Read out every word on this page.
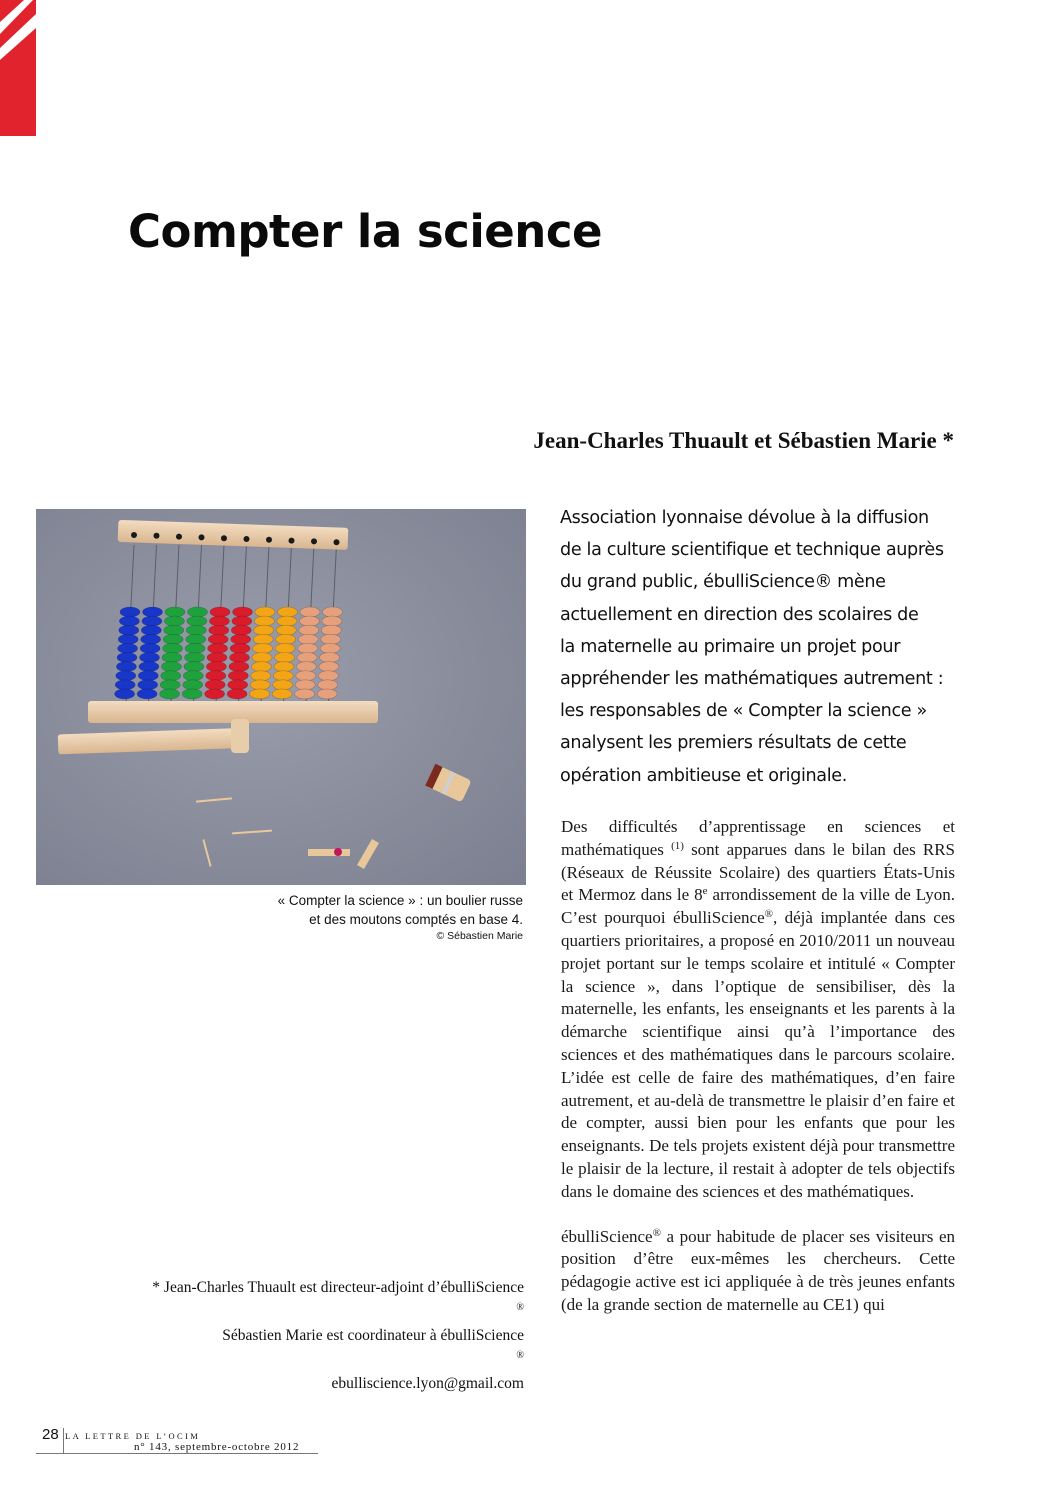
Compter la science
Jean-Charles Thuault et Sébastien Marie *
« Compter la science » : un boulier russe
et des moutons comptés en base 4.
© Sébastien Marie
Association lyonnaise dévolue à la diffusion
de la culture scientifique et technique auprès
du grand public, ébulliScience® mène
actuellement en direction des scolaires de
la maternelle au primaire un projet pour
appréhender les mathématiques autrement :
les responsables de « Compter la science »
analysent les premiers résultats de cette
opération ambitieuse et originale.

Des difficultés d’apprentissage en sciences et mathématiques $^{(1)}$ sont apparues dans le bilan des RRS (Réseaux de Réussite Scolaire) des quartiers États-Unis et Mermoz dans le 8e arrondissement de la ville de Lyon. C’est pourquoi ébulliScience®, déjà implantée dans ces quartiers prioritaires, a proposé en 2010/2011 un nouveau projet portant sur le temps scolaire et intitulé « Compter la science », dans l’optique de sensibiliser, dès la maternelle, les enfants, les enseignants et les parents à la démarche scientifique ainsi qu’à l’importance des sciences et des mathématiques dans le parcours scolaire. L’idée est celle de faire des mathématiques, d’en faire autrement, et au-delà de transmettre le plaisir d’en faire et de compter, aussi bien pour les enfants que pour les enseignants. De tels projets existent déjà pour transmettre le plaisir de la lecture, il restait à adopter de tels objectifs dans le domaine des sciences et des mathématiques.

ébulliScience® a pour habitude de placer ses visiteurs en position d’être eux-mêmes les chercheurs. Cette pédagogie active est ici appliquée à de très jeunes enfants (de la grande section de maternelle au CE1) qui

* Jean-Charles Thuault est directeur-adjoint d’ébulliScience
®
Sébastien Marie est coordinateur à ébulliScience
®
ebulliscience.lyon@gmail.com
28 LA LETTRE DE L’OCIM
n° 143, septembre-octobre 2012
